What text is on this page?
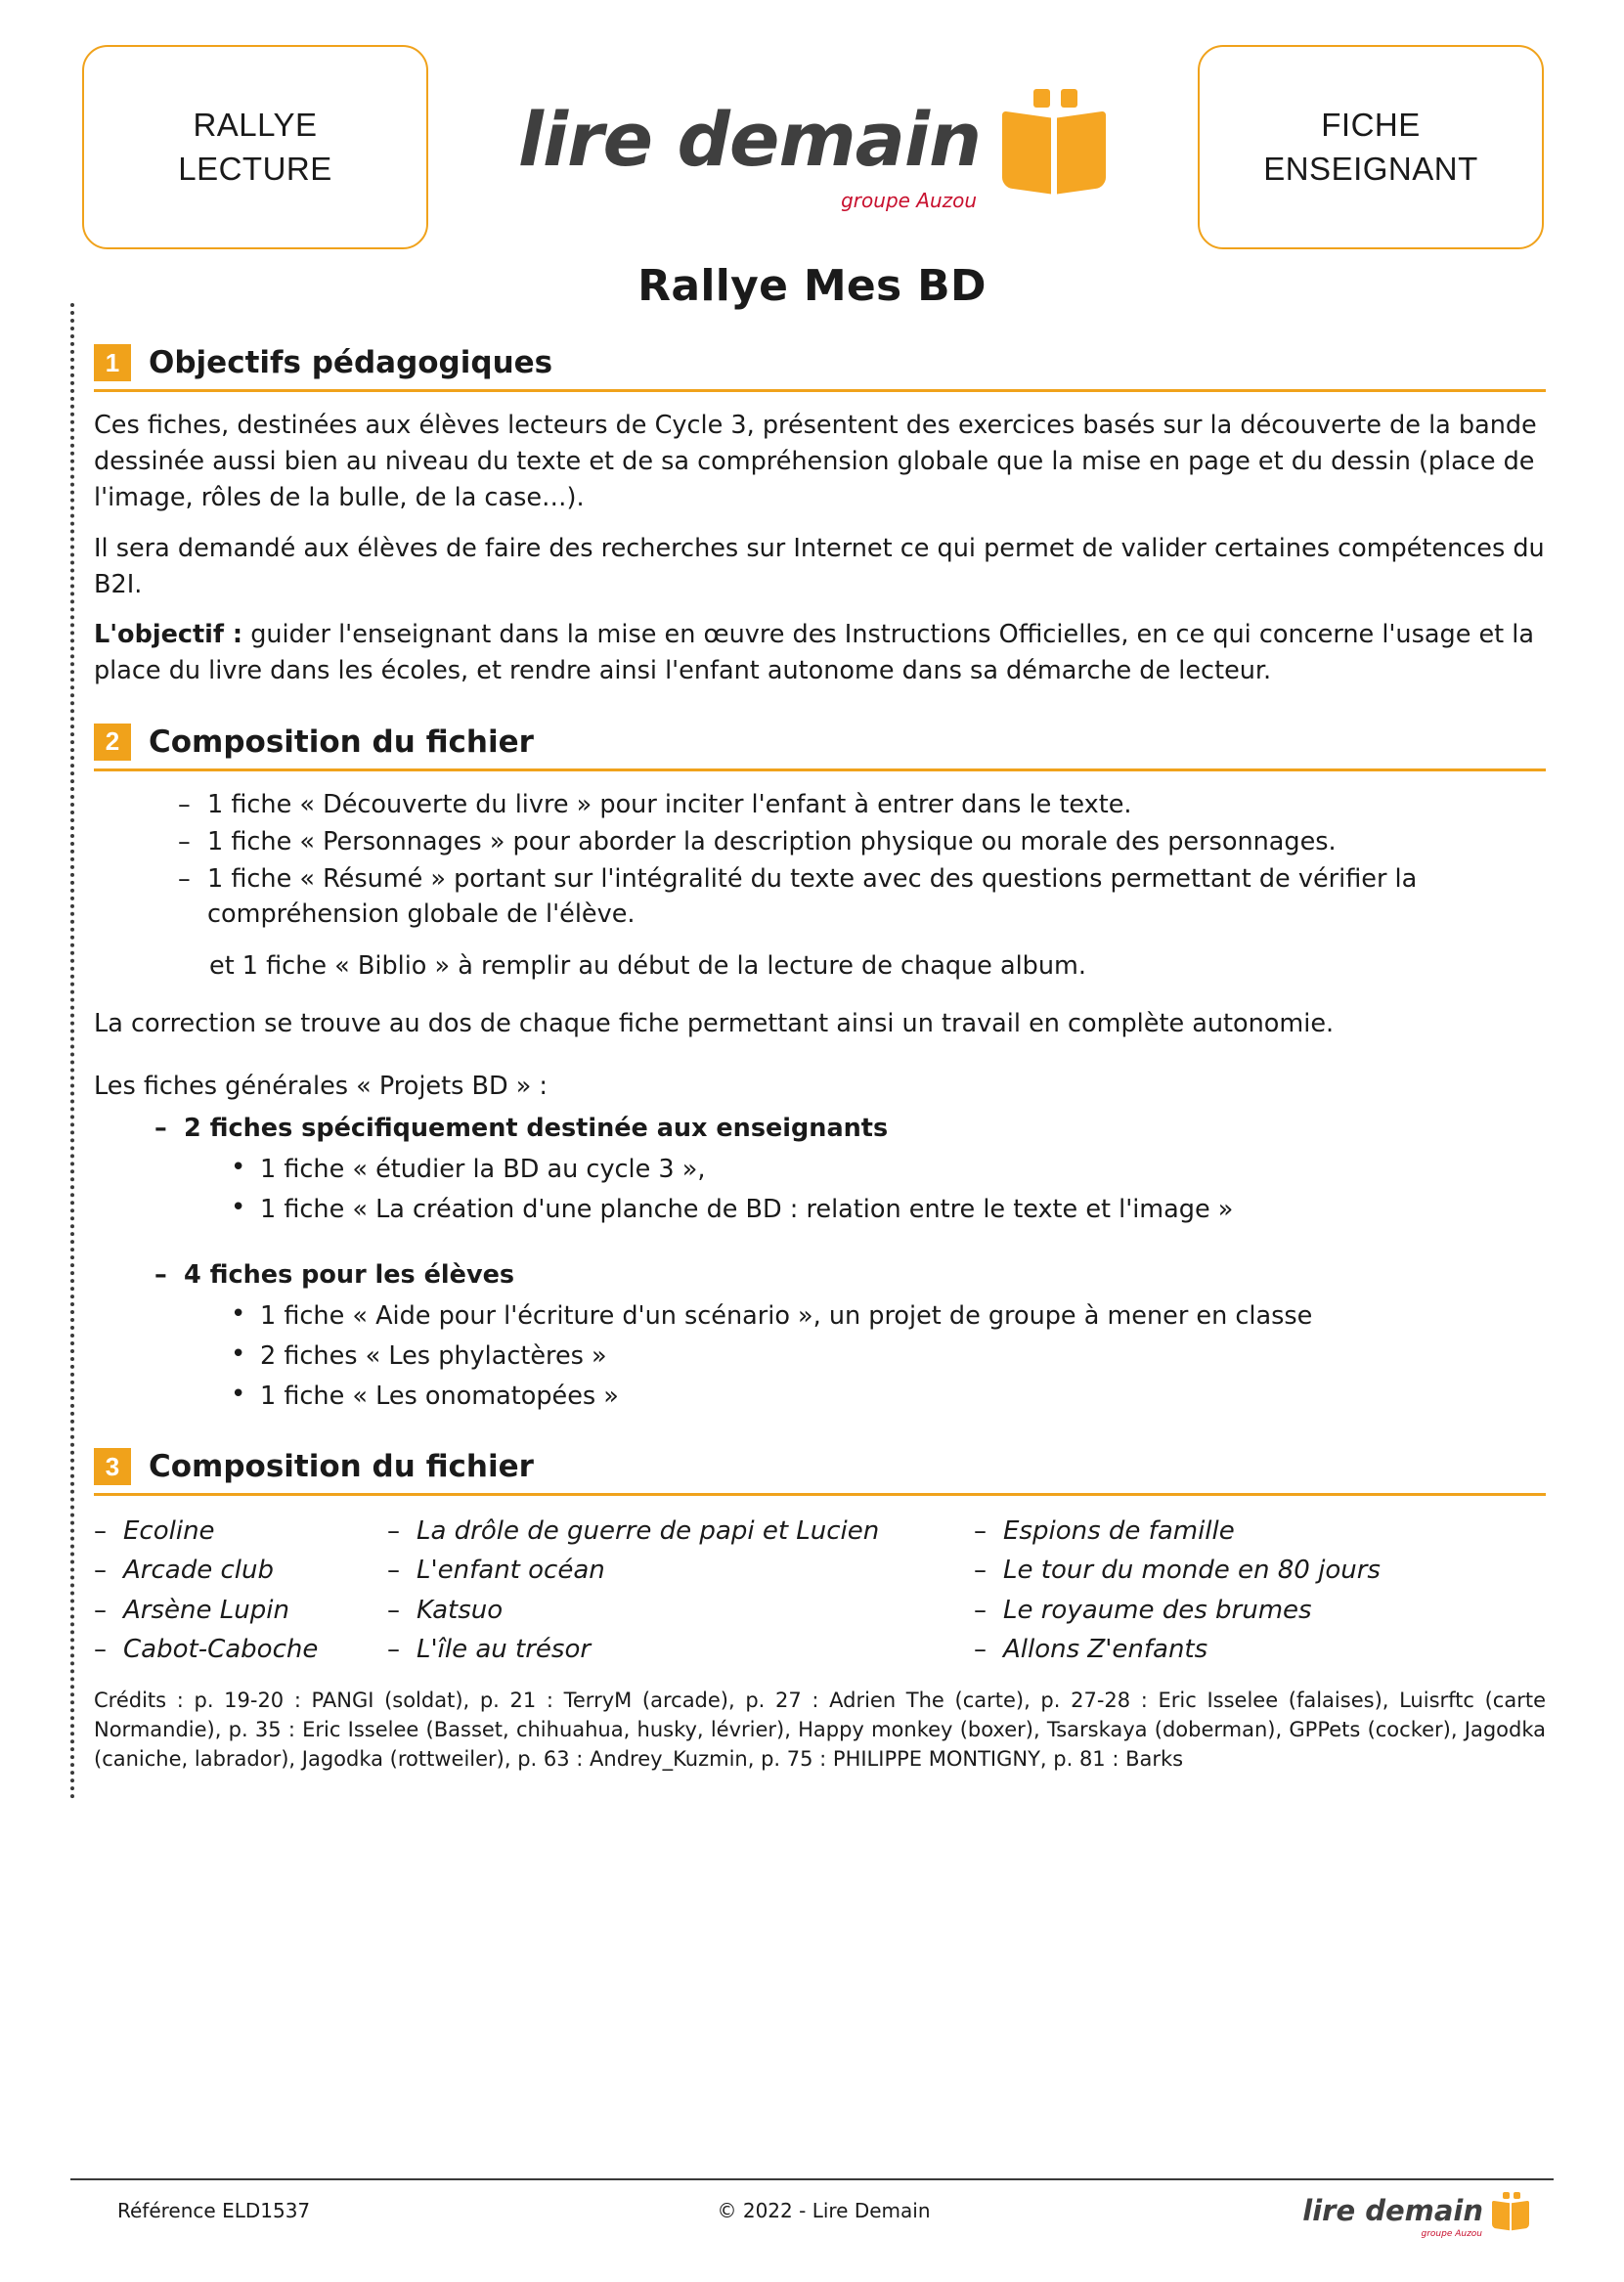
RALLYE
LECTURE	lire demain
groupe Auzou
FICHE
ENSEIGNANT
Rallye Mes BD
1 Objectifs pédagogiques

Ces fiches, destinées aux élèves lecteurs de Cycle 3, présentent des exercices basés sur la découverte de la bande dessinée aussi bien au niveau du texte et de sa compréhension globale que la mise en page et du dessin (place de l'image, rôles de la bulle, de la case…).

Il sera demandé aux élèves de faire des recherches sur Internet ce qui permet de valider certaines compétences du B2I.

L'objectif : guider l'enseignant dans la mise en œuvre des Instructions Officielles, en ce qui concerne l'usage et la place du livre dans les écoles, et rendre ainsi l'enfant autonome dans sa démarche de lecteur.

2 Composition du fichier
– 1 fiche « Découverte du livre » pour inciter l'enfant à entrer dans le texte.
– 1 fiche « Personnages » pour aborder la description physique ou morale des personnages.
– 1 fiche « Résumé » portant sur l'intégralité du texte avec des questions permettant de vérifier la compréhension globale de l'élève.
et 1 fiche « Biblio » à remplir au début de la lecture de chaque album.

La correction se trouve au dos de chaque fiche permettant ainsi un travail en complète autonomie.

Les fiches générales « Projets BD » :

– 2 fiches spécifiquement destinée aux enseignants
• 1 fiche « étudier la BD au cycle 3 »,
• 1 fiche « La création d'une planche de BD : relation entre le texte et l'image »
– 4 fiches pour les élèves
• 1 fiche « Aide pour l'écriture d'un scénario », un projet de groupe à mener en classe
• 2 fiches « Les phylactères »
• 1 fiche « Les onomatopées »
3 Composition du fichier
– Ecoline
– Arcade club
– Arsène Lupin
– Cabot-Caboche
– La drôle de guerre de papi et Lucien
– L'enfant océan
– Katsuo
– L'île au trésor
– Espions de famille
– Le tour du monde en 80 jours
– Le royaume des brumes
– Allons Z'enfants
Crédits : p. 19-20 : PANGI (soldat), p. 21 : TerryM (arcade), p. 27 : Adrien The (carte), p. 27-28 : Eric Isselee (falaises), Luisrftc (carte Normandie), p. 35 : Eric Isselee (Basset, chihuahua, husky, lévrier), Happy monkey (boxer), Tsarskaya (doberman), GPPets (cocker), Jagodka (caniche, labrador), Jagodka (rottweiler), p. 63 : Andrey_Kuzmin, p. 75 : PHILIPPE MONTIGNY, p. 81 : Barks
Référence ELD1537	© 2022 - Lire Demain	lire demain
groupe Auzou
